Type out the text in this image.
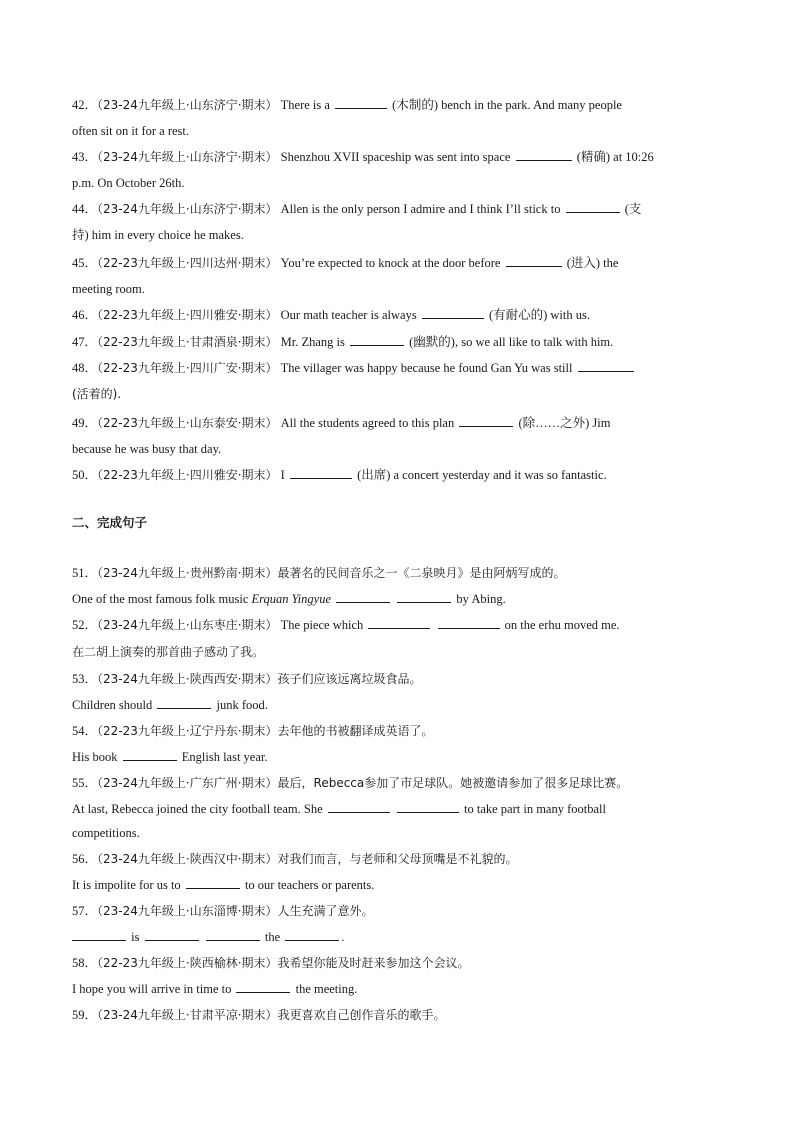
42．（23-24九年级上·山东济宁·期末） There is a	(木制的) bench in the park. And many people
often sit on it for a rest.
43．（23-24九年级上·山东济宁·期末） Shenzhou XVII spaceship was sent into space	(精确) at 10:26
p.m. On October 26th.
44．（23-24九年级上·山东济宁·期末） Allen is the only person I admire and I think I’ll stick to	(支
持) him in every choice he makes.
45．（22-23九年级上·四川达州·期末） You’re expected to knock at the door before	(进入) the
meeting room.
46．（22-23九年级上·四川雅安·期末） Our math teacher is always	(有耐心的) with us.
47．（22-23九年级上·甘肃酒泉·期末） Mr. Zhang is	(幽默的), so we all like to talk with him.
48．（22-23九年级上·四川广安·期末） The villager was happy because he found Gan Yu was still
(活着的).
49．（22-23九年级上·山东泰安·期末） All the students agreed to this plan	(除……之外) Jim
because he was busy that day.
50．（22-23九年级上·四川雅安·期末） I	(出席) a concert yesterday and it was so fantastic.
二、完成句子
51．（23-24九年级上·贵州黔南·期末）最著名的民间音乐之一《二泉映月》是由阿炳写成的。
One of the most famous folk music Erquan Yingyue	by Abing.
52．（23-24九年级上·山东枣庄·期末） The piece which	on the erhu moved me.
在二胡上演奏的那首曲子感动了我。
53．（23-24九年级上·陕西西安·期末）孩子们应该远离垃圾食品。
Children should	junk food.
54．（22-23九年级上·辽宁丹东·期末）去年他的书被翻译成英语了。
His book	English last year.
55．（23-24九年级上·广东广州·期末）最后，Rebecca参加了市足球队。她被邀请参加了很多足球比赛。
At last, Rebecca joined the city football team. She	to take part in many football
competitions.
56．（23-24九年级上·陕西汉中·期末）对我们而言，与老师和父母顶嘴是不礼貌的。
It is impolite for us to	to our teachers or parents.
57．（23-24九年级上·山东淄博·期末）人生充满了意外。
is	the	.
58．（22-23九年级上·陕西榆林·期末）我希望你能及时赶来参加这个会议。
I hope you will arrive in time to	the meeting.
59．（23-24九年级上·甘肃平凉·期末）我更喜欢自己创作音乐的歌手。
